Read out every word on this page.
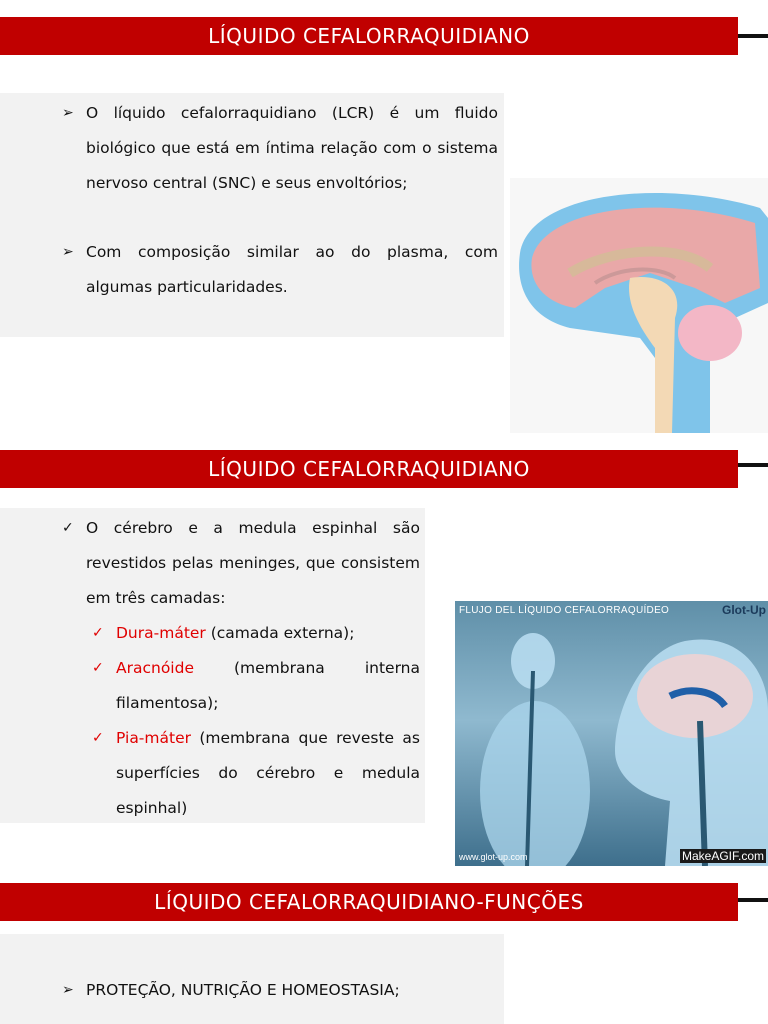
LÍQUIDO CEFALORRAQUIDIANO
➢ O líquido cefalorraquidiano (LCR) é um fluido biológico que está em íntima relação com o sistema nervoso central (SNC) e seus envoltórios;
➢ Com composição similar ao do plasma, com algumas particularidades.
LÍQUIDO CEFALORRAQUIDIANO
✓ O cérebro e a medula espinhal são revestidos pelas meninges, que consistem em três camadas:
✓ Dura-máter (camada externa);
✓ Aracnóide (membrana interna filamentosa);
✓ Pia-máter (membrana que reveste as superfícies do cérebro e medula espinhal)
FLUJO DEL LÍQUIDO CEFALORRAQUÍDEO	Glot-Up
www.glot-up.com	MakeAGIF.com
LÍQUIDO CEFALORRAQUIDIANO-FUNÇÕES
➢ PROTEÇÃO, NUTRIÇÃO E HOMEOSTASIA;
